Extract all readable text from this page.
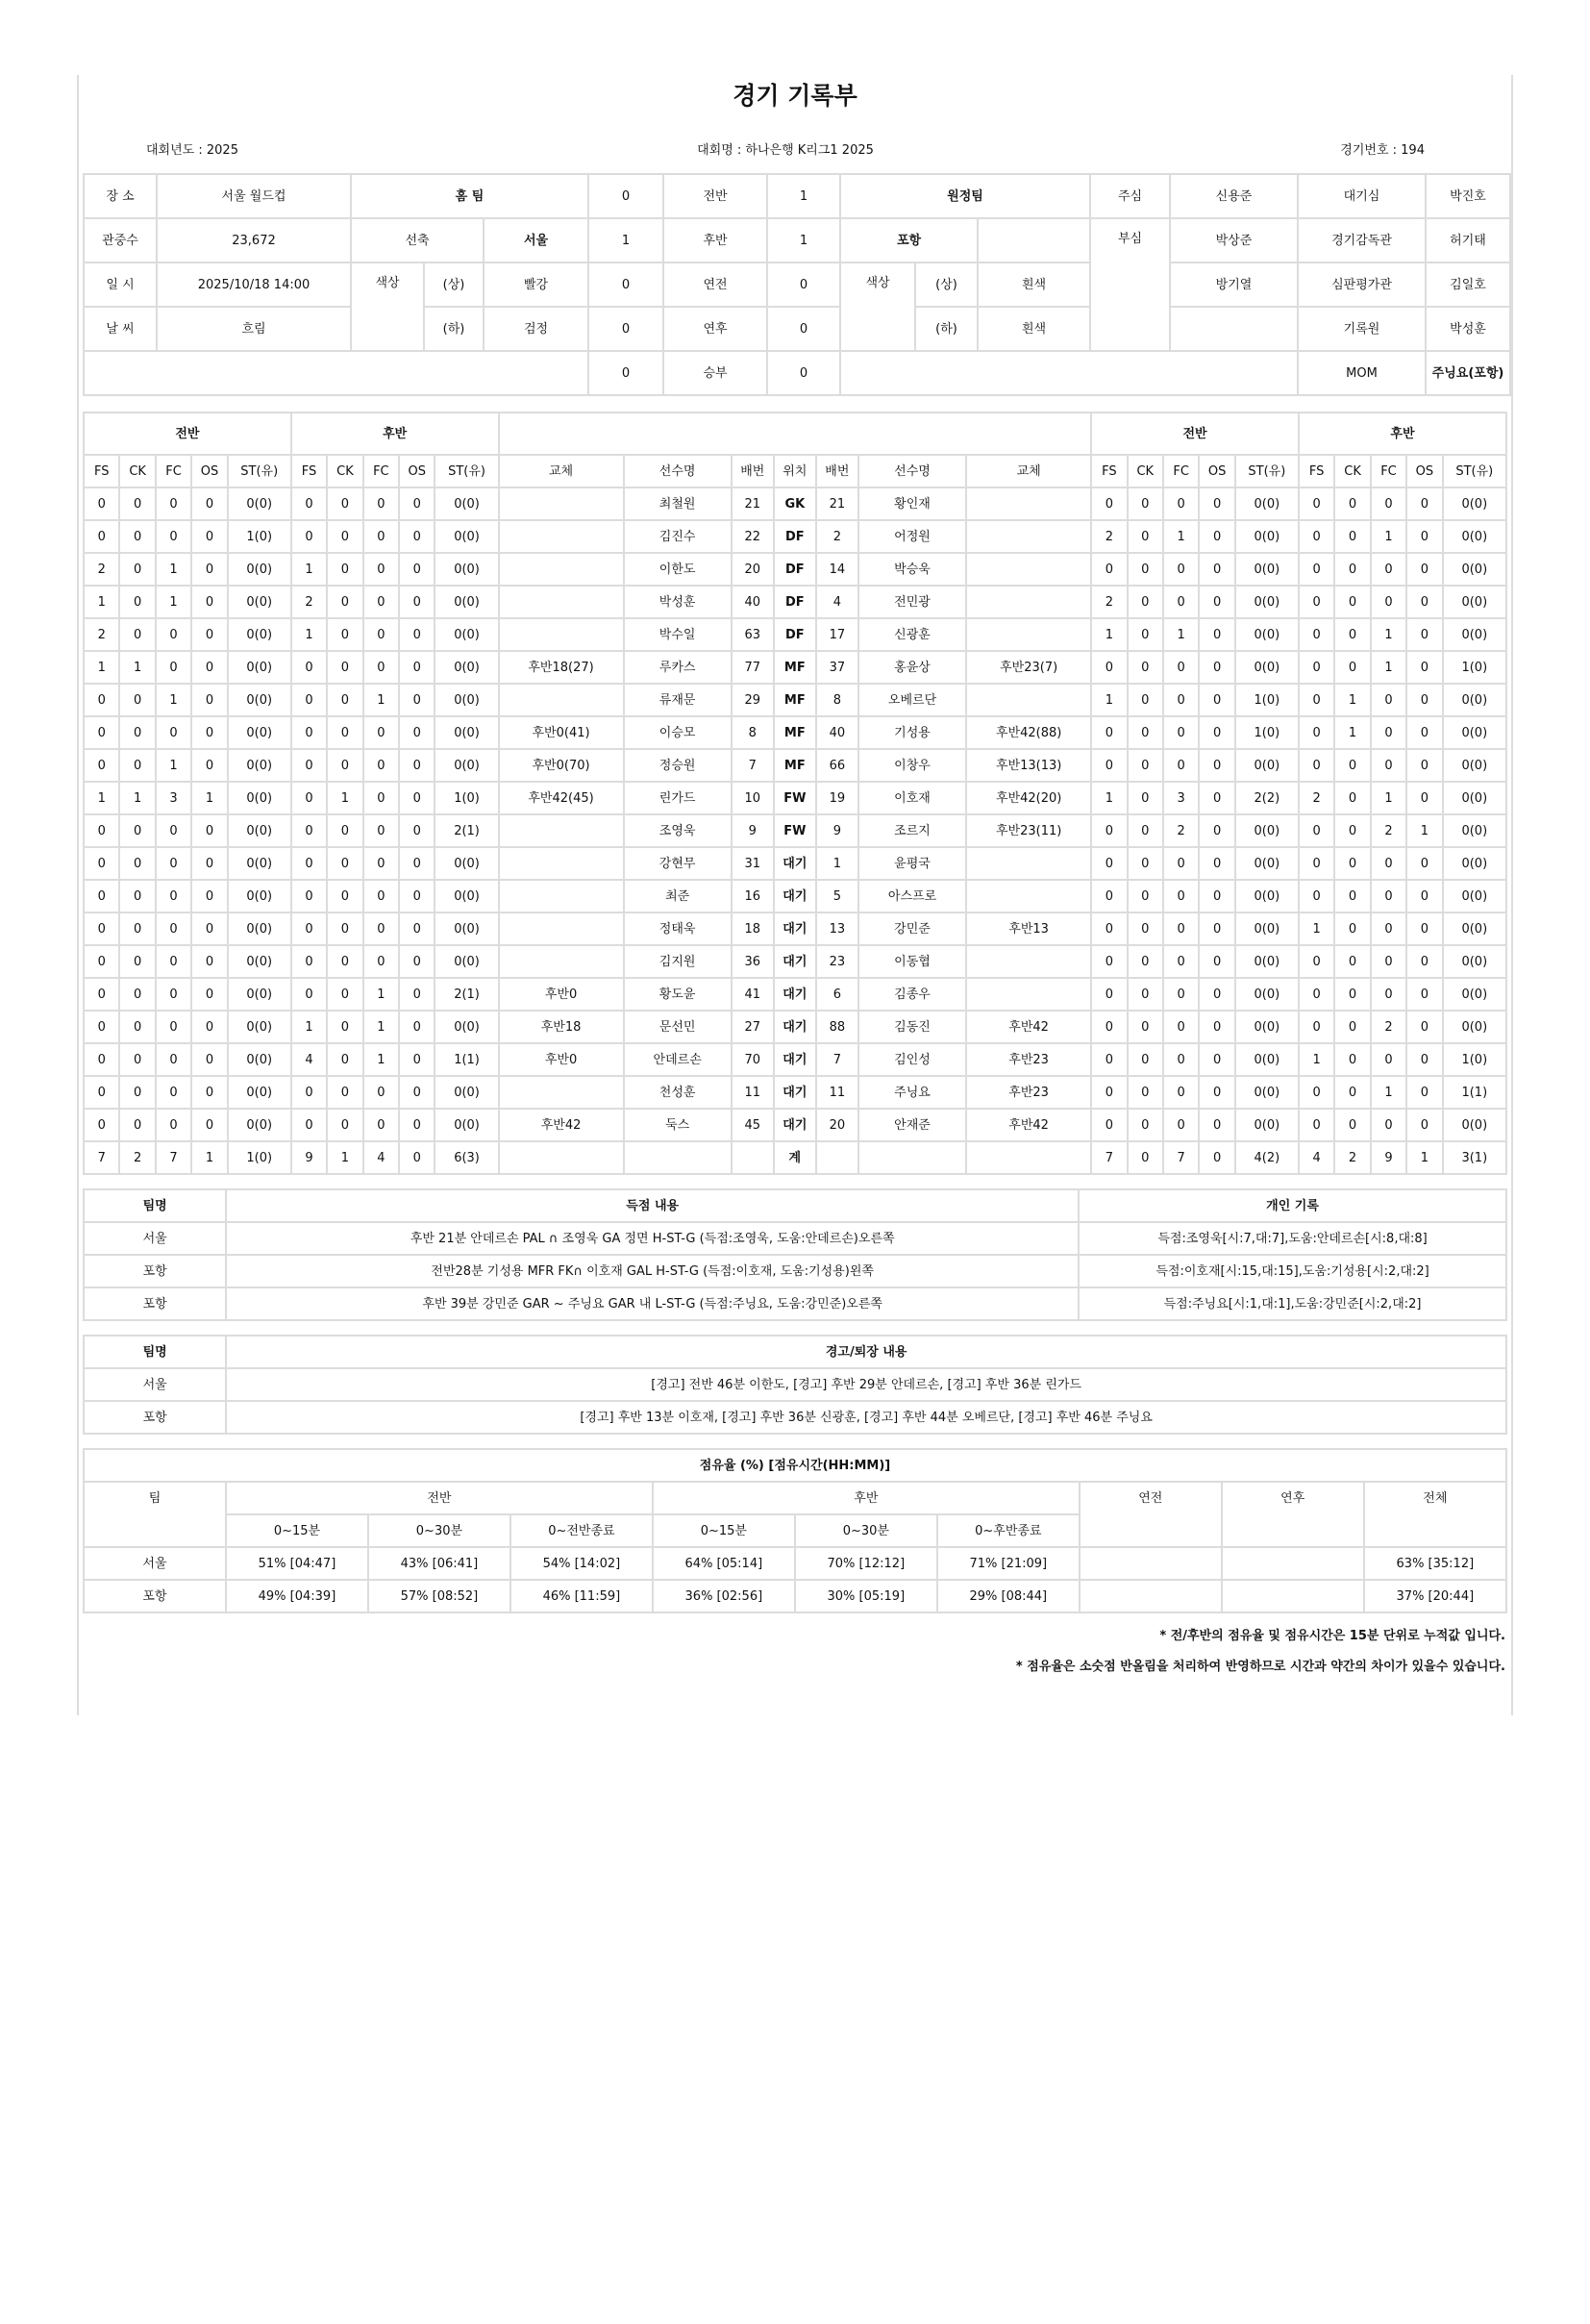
경기 기록부
대회년도 : 2025	대회명 : 하나은행 K리그1 2025	경기번호 : 194
장 소	서울 월드컵	홈 팀			0	전반	1	원정팀			주심	신용준	대기심	박진호
관중수	23,672	선축		서울	1	후반	1	포항			부심	박상준	경기감독관	허기태
일 시	2025/10/18 14:00	색상	(상)	빨강	0	연전	0	색상	(상)	흰색		방기열	심판평가관	김일호
날 씨	흐림		(하)	검정	0	연후	0		(하)	흰색			기록원	박성훈
					0	승부	0						MOM	주닝요(포항)
전반					후반												전반					후반				
FS	CK	FC	OS	ST(유)	FS	CK	FC	OS	ST(유)	교체	선수명	배번	위치	배번	선수명	교체	FS	CK	FC	OS	ST(유)	FS	CK	FC	OS	ST(유)
0	0	0	0	0(0)	0	0	0	0	0(0)		최철원	21	GK	21	황인재		0	0	0	0	0(0)	0	0	0	0	0(0)
0	0	0	0	1(0)	0	0	0	0	0(0)		김진수	22	DF	2	어정원		2	0	1	0	0(0)	0	0	1	0	0(0)
2	0	1	0	0(0)	1	0	0	0	0(0)		이한도	20	DF	14	박승욱		0	0	0	0	0(0)	0	0	0	0	0(0)
1	0	1	0	0(0)	2	0	0	0	0(0)		박성훈	40	DF	4	전민광		2	0	0	0	0(0)	0	0	0	0	0(0)
2	0	0	0	0(0)	1	0	0	0	0(0)		박수일	63	DF	17	신광훈		1	0	1	0	0(0)	0	0	1	0	0(0)
1	1	0	0	0(0)	0	0	0	0	0(0)	후반18(27)	루카스	77	MF	37	홍윤상	후반23(7)	0	0	0	0	0(0)	0	0	1	0	1(0)
0	0	1	0	0(0)	0	0	1	0	0(0)		류재문	29	MF	8	오베르단		1	0	0	0	1(0)	0	1	0	0	0(0)
0	0	0	0	0(0)	0	0	0	0	0(0)	후반0(41)	이승모	8	MF	40	기성용	후반42(88)	0	0	0	0	1(0)	0	1	0	0	0(0)
0	0	1	0	0(0)	0	0	0	0	0(0)	후반0(70)	정승원	7	MF	66	이창우	후반13(13)	0	0	0	0	0(0)	0	0	0	0	0(0)
1	1	3	1	0(0)	0	1	0	0	1(0)	후반42(45)	린가드	10	FW	19	이호재	후반42(20)	1	0	3	0	2(2)	2	0	1	0	0(0)
0	0	0	0	0(0)	0	0	0	0	2(1)		조영욱	9	FW	9	조르지	후반23(11)	0	0	2	0	0(0)	0	0	2	1	0(0)
0	0	0	0	0(0)	0	0	0	0	0(0)		강현무	31	대기	1	윤평국		0	0	0	0	0(0)	0	0	0	0	0(0)
0	0	0	0	0(0)	0	0	0	0	0(0)		최준	16	대기	5	아스프로		0	0	0	0	0(0)	0	0	0	0	0(0)
0	0	0	0	0(0)	0	0	0	0	0(0)		정태욱	18	대기	13	강민준	후반13	0	0	0	0	0(0)	1	0	0	0	0(0)
0	0	0	0	0(0)	0	0	0	0	0(0)		김지원	36	대기	23	이동협		0	0	0	0	0(0)	0	0	0	0	0(0)
0	0	0	0	0(0)	0	0	1	0	2(1)	후반0	황도윤	41	대기	6	김종우		0	0	0	0	0(0)	0	0	0	0	0(0)
0	0	0	0	0(0)	1	0	1	0	0(0)	후반18	문선민	27	대기	88	김동진	후반42	0	0	0	0	0(0)	0	0	2	0	0(0)
0	0	0	0	0(0)	4	0	1	0	1(1)	후반0	안데르손	70	대기	7	김인성	후반23	0	0	0	0	0(0)	1	0	0	0	1(0)
0	0	0	0	0(0)	0	0	0	0	0(0)		천성훈	11	대기	11	주닝요	후반23	0	0	0	0	0(0)	0	0	1	0	1(1)
0	0	0	0	0(0)	0	0	0	0	0(0)	후반42	둑스	45	대기	20	안재준	후반42	0	0	0	0	0(0)	0	0	0	0	0(0)
7	2	7	1	1(0)	9	1	4	0	6(3)				계				7	0	7	0	4(2)	4	2	9	1	3(1)
팀명	득점 내용	개인 기록
서울	후반 21분 안데르손 PAL ∩ 조영욱 GA 정면 H-ST-G (득점:조영욱, 도움:안데르손)오른쪽	득점:조영욱[시:7,대:7],도움:안데르손[시:8,대:8]
포항	전반28분 기성용 MFR FK∩ 이호재 GAL H-ST-G (득점:이호재, 도움:기성용)왼쪽	득점:이호재[시:15,대:15],도움:기성용[시:2,대:2]
포항	후반 39분 강민준 GAR ~ 주닝요 GAR 내 L-ST-G (득점:주닝요, 도움:강민준)오른쪽	득점:주닝요[시:1,대:1],도움:강민준[시:2,대:2]
팀명	경고/퇴장 내용
서울	[경고] 전반 46분 이한도, [경고] 후반 29분 안데르손, [경고] 후반 36분 린가드
포항	[경고] 후반 13분 이호재, [경고] 후반 36분 신광훈, [경고] 후반 44분 오베르단, [경고] 후반 46분 주닝요
점유율 (%) [점유시간(HH:MM)]									
팀	전반			후반			연전	연후	전체
	0~15분	0~30분	0~전반종료	0~15분	0~30분	0~후반종료			
서울	51% [04:47]	43% [06:41]	54% [14:02]	64% [05:14]	70% [12:12]	71% [21:09]			63% [35:12]
포항	49% [04:39]	57% [08:52]	46% [11:59]	36% [02:56]	30% [05:19]	29% [08:44]			37% [20:44]
* 전/후반의 점유율 및 점유시간은 15분 단위로 누적값 입니다.
* 점유율은 소숫점 반올림을 처리하여 반영하므로 시간과 약간의 차이가 있을수 있습니다.
